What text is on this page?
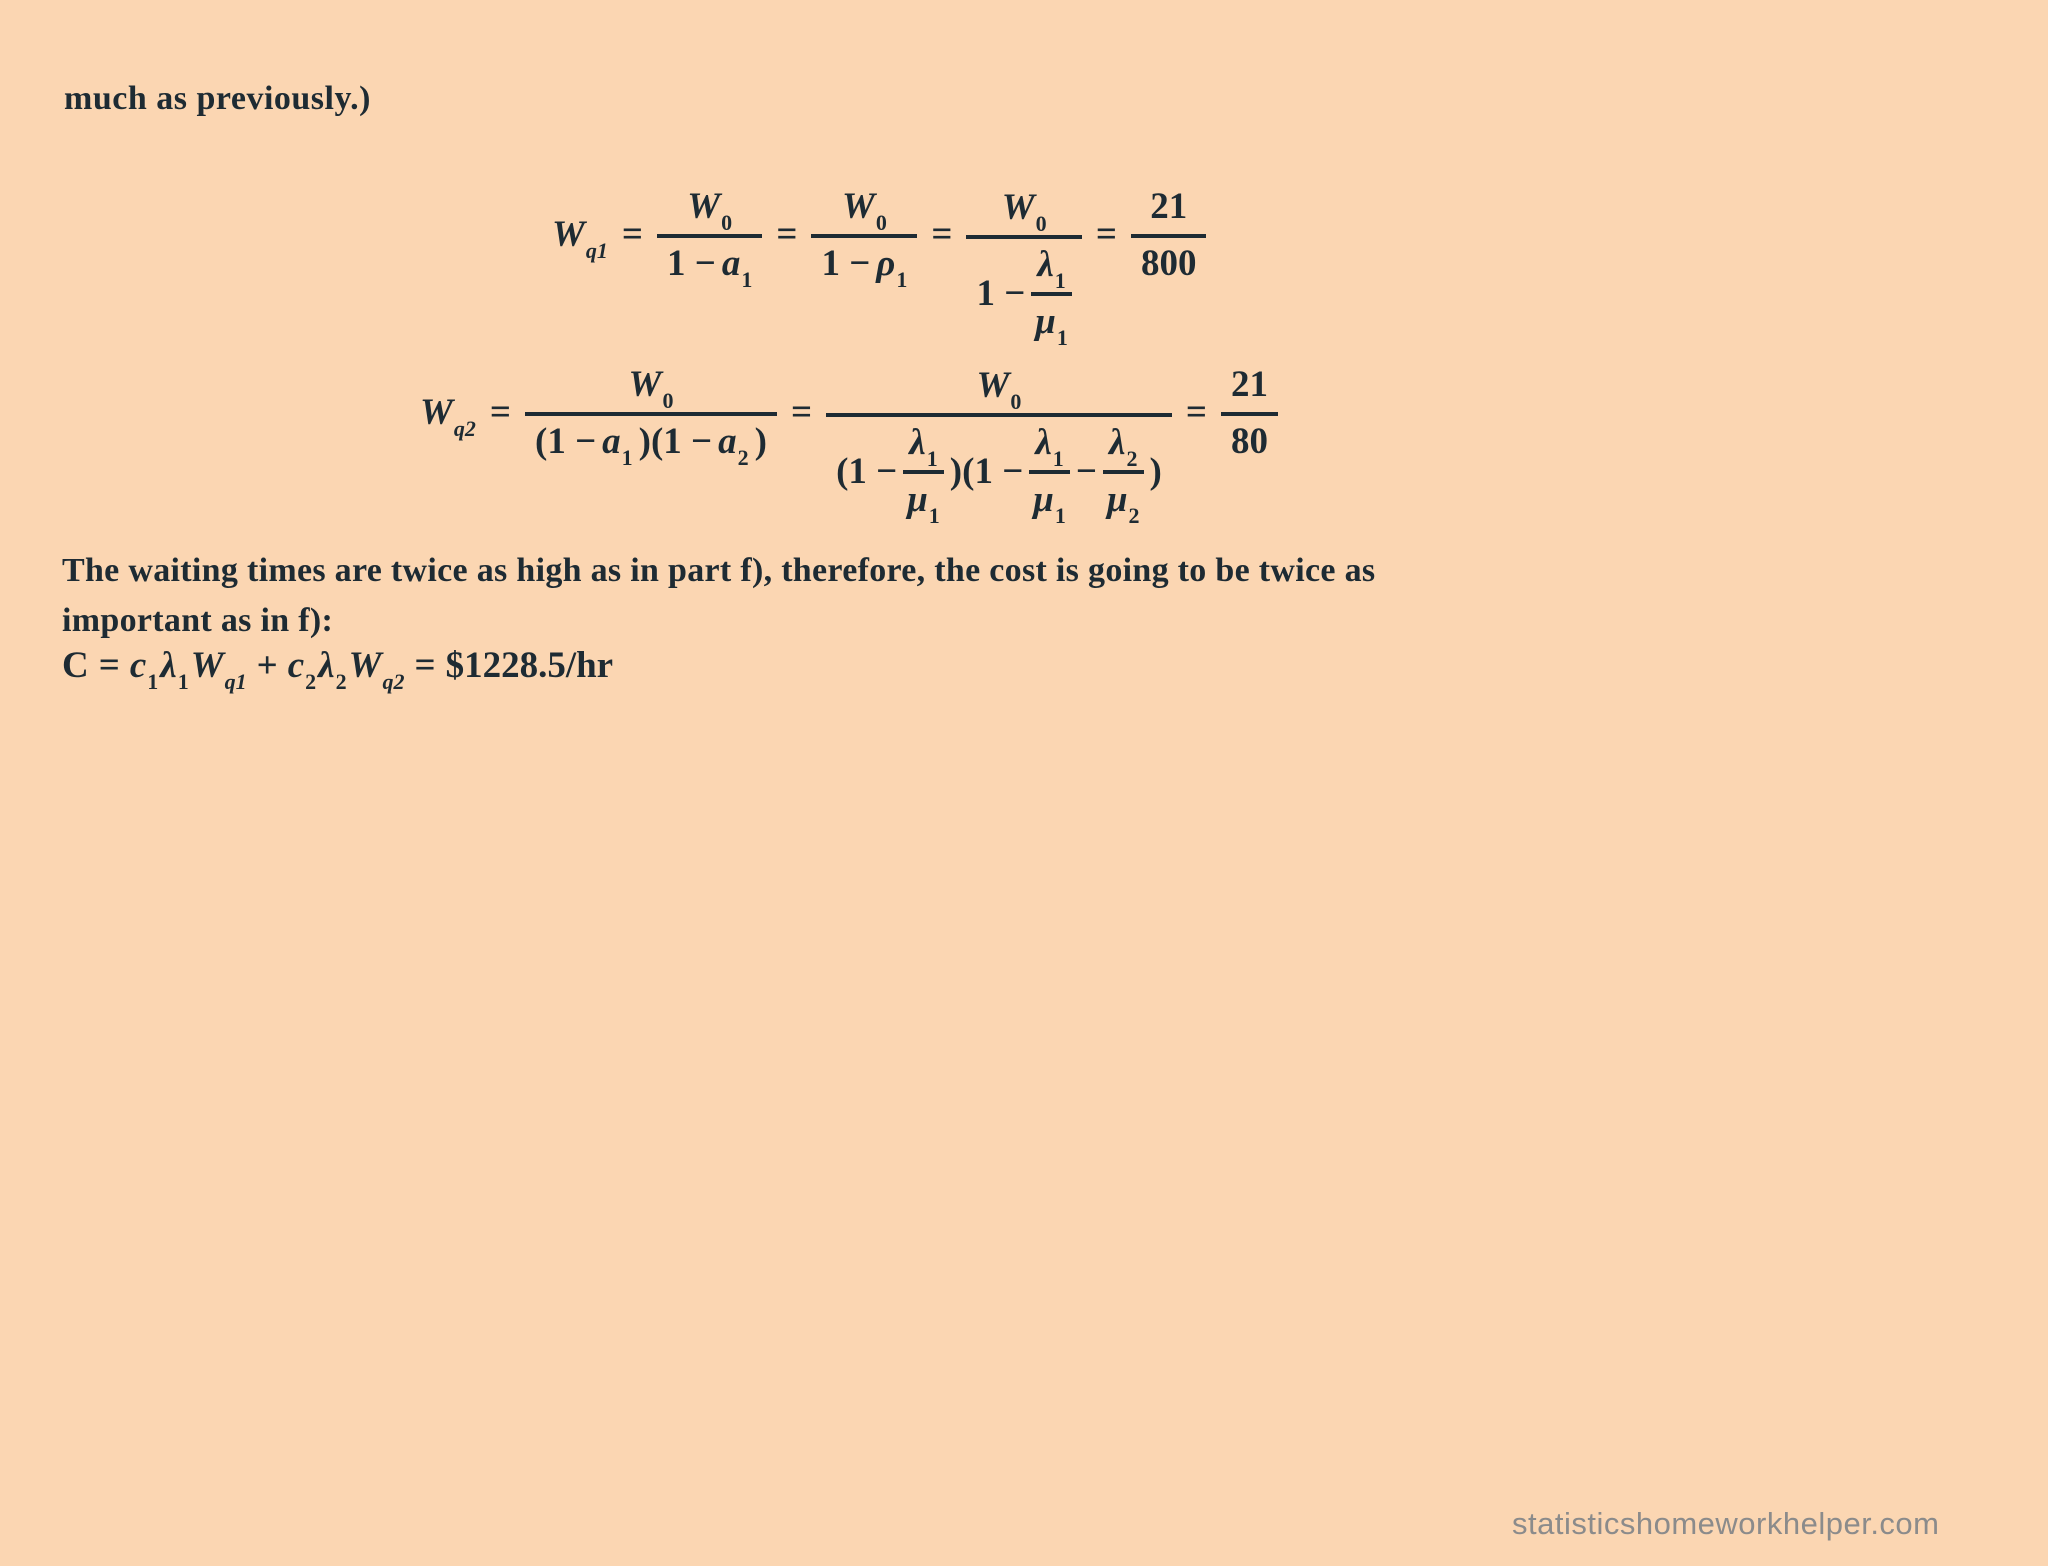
much as previously.)
W $q1 = \frac{W 0}{1 - a 1} = \frac{W 0}{1 - \rho 1}$ =
W 0
$1 - \frac{\lambda 1}{\mu 1}$
= $\frac{21}{800}$
W $q2 = \frac{W 0}{(1 - a 1 )(1 - a 2 )}$ =
W 0
$(1 - \frac{\lambda 1}{\mu 1} )(1 - \frac{\lambda 1}{\mu 1} - \frac{\lambda 2}{\mu 2}$ )
= $\frac{21}{80}$
The waiting times are twice as high as in part f), therefore, the cost is going to be twice as
important as in f):
C = c 1 λ 1 W q1 + c 2 λ 2 W q2 = $1228.5/hr
statisticshomeworkhelper.com
